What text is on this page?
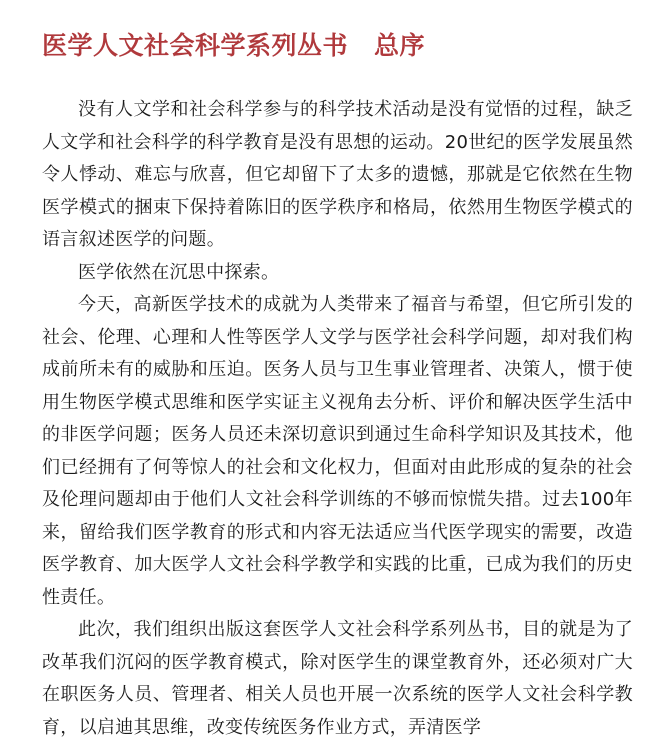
医学人文社会科学系列丛书 总序

没有人文学和社会科学参与的科学技术活动是没有觉悟的过程，缺乏人文学和社会科学的科学教育是没有思想的运动。20世纪的医学发展虽然令人悸动、难忘与欣喜，但它却留下了太多的遗憾，那就是它依然在生物医学模式的捆束下保持着陈旧的医学秩序和格局，依然用生物医学模式的语言叙述医学的问题。

医学依然在沉思中探索。

今天，高新医学技术的成就为人类带来了福音与希望，但它所引发的社会、伦理、心理和人性等医学人文学与医学社会科学问题，却对我们构成前所未有的威胁和压迫。医务人员与卫生事业管理者、决策人，惯于使用生物医学模式思维和医学实证主义视角去分析、评价和解决医学生活中的非医学问题；医务人员还未深切意识到通过生命科学知识及其技术，他们已经拥有了何等惊人的社会和文化权力，但面对由此形成的复杂的社会及伦理问题却由于他们人文社会科学训练的不够而惊慌失措。过去100年来，留给我们医学教育的形式和内容无法适应当代医学现实的需要，改造医学教育、加大医学人文社会科学教学和实践的比重，已成为我们的历史性责任。

此次，我们组织出版这套医学人文社会科学系列丛书，目的就是为了改革我们沉闷的医学教育模式，除对医学生的课堂教育外，还必须对广大在职医务人员、管理者、相关人员也开展一次系统的医学人文社会科学教育，以启迪其思维，改变传统医务作业方式，弄清医学
